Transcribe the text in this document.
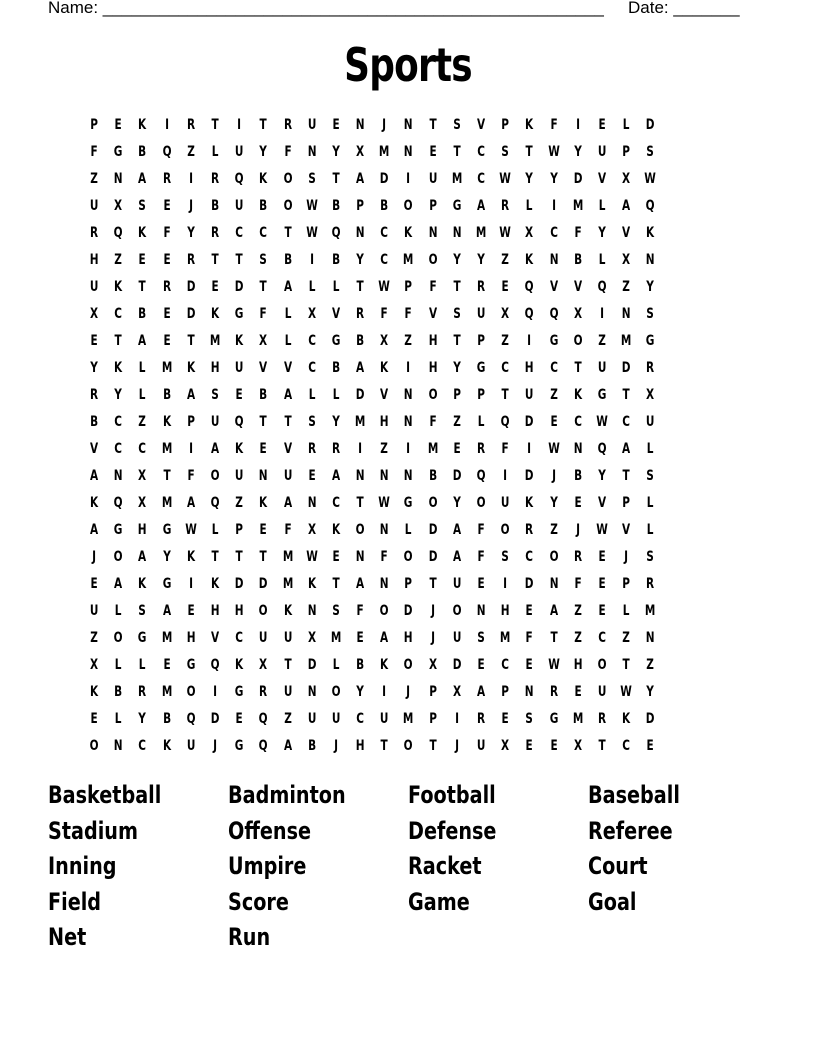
Name: _____________________________________________________ Date: _______
Sports
P	E	K	I	R	T	I	T	R	U	E	N	J	N	T	S	V	P	K	F	I	E	L	D
F	G	B	Q	Z	L	U	Y	F	N	Y	X	M	N	E	T	C	S	T	W	Y	U	P	S
Z	N	A	R	I	R	Q	K	O	S	T	A	D	I	U	M	C	W	Y	Y	D	V	X	W
U	X	S	E	J	B	U	B	O W	B	P	B	O	P	G	A	R	L	I	M	L	A	Q
R	Q	K	F	Y	R	C	C	T	W Q	N	C	K	N	N	M W	X	C	F	Y	V	K
H	Z	E	E	R	T	T	S	B	I	B	Y	C	M	O	Y	Y	Z	K	N	B	L	X	N
U	K	T	R	D	E	D	T	A	L	L	T	W	P	F	T	R	E	Q	V	V	Q	Z	Y
X	C	B	E	D	K	G	F	L	X	V	R	F	F	V	S	U	X	Q	Q	X	I	N	S
E	T	A	E	T	M	K	X	L	C	G	B	X	Z	H	T	P	Z	I	G	O	Z	M	G
Y	K	L	M	K	H	U	V	V	C	B	A	K	I	H	Y	G	C	H	C	T	U	D	R
R	Y	L	B	A	S	E	B	A	L	L	D	V	N	O	P	P	T	U	Z	K	G	T	X
B	C	Z	K	P	U	Q	T	T	S	Y	M	H	N	F	Z	L	Q	D	E	C	W	C	U
V	C	C	M	I	A	K	E	V	R	R	I	Z	I	M	E	R	F	I	W	N	Q	A	L
A	N	X	T	F	O	U	N	U	E	A	N	N	N	B	D	Q	I	D	J	B	Y	T	S
K	Q	X	M	A	Q	Z	K	A	N	C	T	W	G	O	Y	O	U	K	Y	E	V	P	L
A	G	H	G	W	L	P	E	F	X	K	O	N	L	D	A	F	O	R	Z	J	W	V	L
J	O	A	Y	K	T	T	T	M W	E	N	F	O	D	A	F	S	C	O	R	E	J	S
E	A	K	G	I	K	D	D	M	K	T	A	N	P	T	U	E	I	D	N	F	E	P	R
U	L	S	A	E	H	H	O	K	N	S	F	O	D	J	O	N	H	E	A	Z	E	L	M
Z	O	G	M	H	V	C	U	U	X	M	E	A	H	J	U	S	M	F	T	Z	C	Z	N
X	L	L	E	G	Q	K	X	T	D	L	B	K	O	X	D	E	C	E	W	H	O	T	Z
K	B	R	M	O	I	G	R	U	N	O	Y	I	J	P	X	A	P	N	R	E	U	W	Y
E	L	Y	B	Q	D	E	Q	Z	U	U	C	U	M	P	I	R	E	S	G	M	R	K	D
O	N	C	K	U	J	G	Q	A	B	J	H	T	O	T	J	U	X	E	E	X	T	C	E
Basketball	Badminton	Football	Baseball
Stadium	Offense	Defense	Referee
Inning	Umpire	Racket	Court
Field	Score	Game	Goal
Net	Run
